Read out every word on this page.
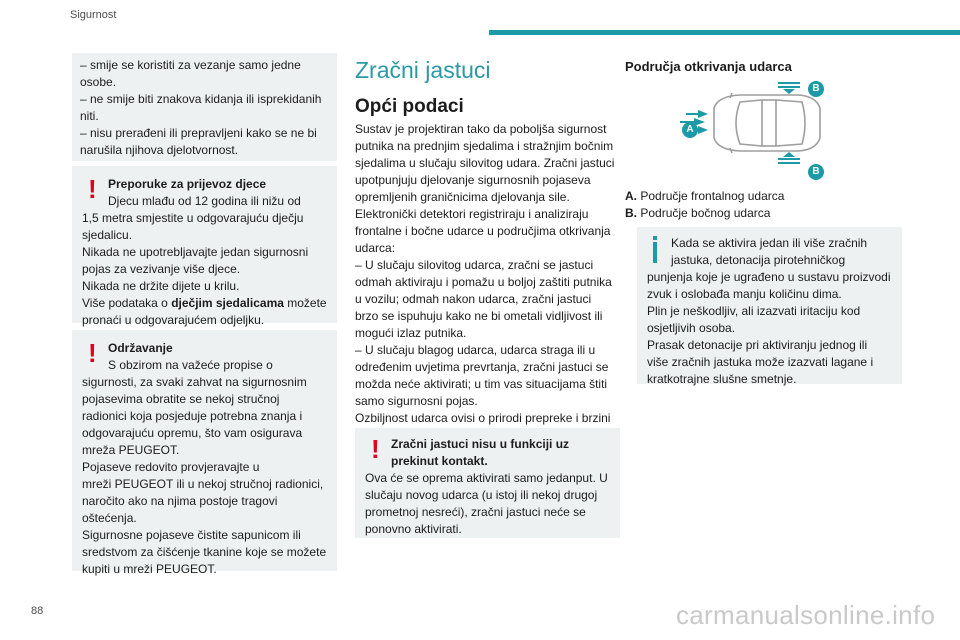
Sigurnost

– smije se koristiti za vezanje samo jedne

osobe.

– ne smije biti znakova kidanja ili isprekidanih

niti.

– nisu prerađeni ili prepravljeni kako se ne bi

narušila njihova djelotvornost.

! Preporuke za prijevoz djece

Djecu mlađu od 12 godina ili nižu od

1,5 metra smjestite u odgovarajuću dječju

sjedalicu.

Nikada ne upotrebljavajte jedan sigurnosni

pojas za vezivanje više djece.

Nikada ne držite dijete u krilu.

Više podataka o dječjim sjedalicama možete

pronaći u odgovarajućem odjeljku.

! Održavanje

S obzirom na važeće propise o

sigurnosti, za svaki zahvat na sigurnosnim

pojasevima obratite se nekoj stručnoj

radionici koja posjeduje potrebna znanja i

odgovarajuću opremu, što vam osigurava

mreža PEUGEOT.

Pojaseve redovito provjeravajte u

mreži PEUGEOT ili u nekoj stručnoj radionici,

naročito ako na njima postoje tragovi

oštećenja.

Sigurnosne pojaseve čistite sapunicom ili

sredstvom za čišćenje tkanine koje se možete

kupiti u mreži PEUGEOT.

Zračni jastuci
Opći podaci

Sustav je projektiran tako da poboljša sigurnost

putnika na prednjim sjedalima i stražnjim bočnim

sjedalima u slučaju silovitog udara. Zračni jastuci

upotpunjuju djelovanje sigurnosnih pojaseva

opremljenih graničnicima djelovanja sile.

Elektronički detektori registriraju i analiziraju

frontalne i bočne udarce u područjima otkrivanja

udarca:

– U slučaju silovitog udarca, zračni se jastuci

odmah aktiviraju i pomažu u boljoj zaštiti putnika

u vozilu; odmah nakon udarca, zračni jastuci

brzo se ispuhuju kako ne bi ometali vidljivost ili

mogući izlaz putnika.

– U slučaju blagog udarca, udarca straga ili u

određenim uvjetima prevrtanja, zračni jastuci se

možda neće aktivirati; u tim vas situacijama štiti

samo sigurnosni pojas.

Ozbiljnost udarca ovisi o prirodi prepreke i brzini

! Zračni jastuci nisu u funkciji uz

prekinut kontakt.

Ova će se oprema aktivirati samo jedanput. U

slučaju novog udarca (u istoj ili nekoj drugoj

prometnoj nesreći), zračni jastuci neće se

ponovno aktivirati.

Područja otkrivanja udarca
A
B
B

A. Područje frontalnog udarca

B. Područje bočnog udarca

Kada se aktivira jedan ili više zračnih

jastuka, detonacija pirotehničkog

punjenja koje je ugrađeno u sustavu proizvodi

zvuk i oslobađa manju količinu dima.

Plin je neškodljiv, ali izazvati iritaciju kod

osjetljivih osoba.

Prasak detonacije pri aktiviranju jednog ili

više zračnih jastuka može izazvati lagane i

kratkotrajne slušne smetnje.

88	carmanualsonline.info
